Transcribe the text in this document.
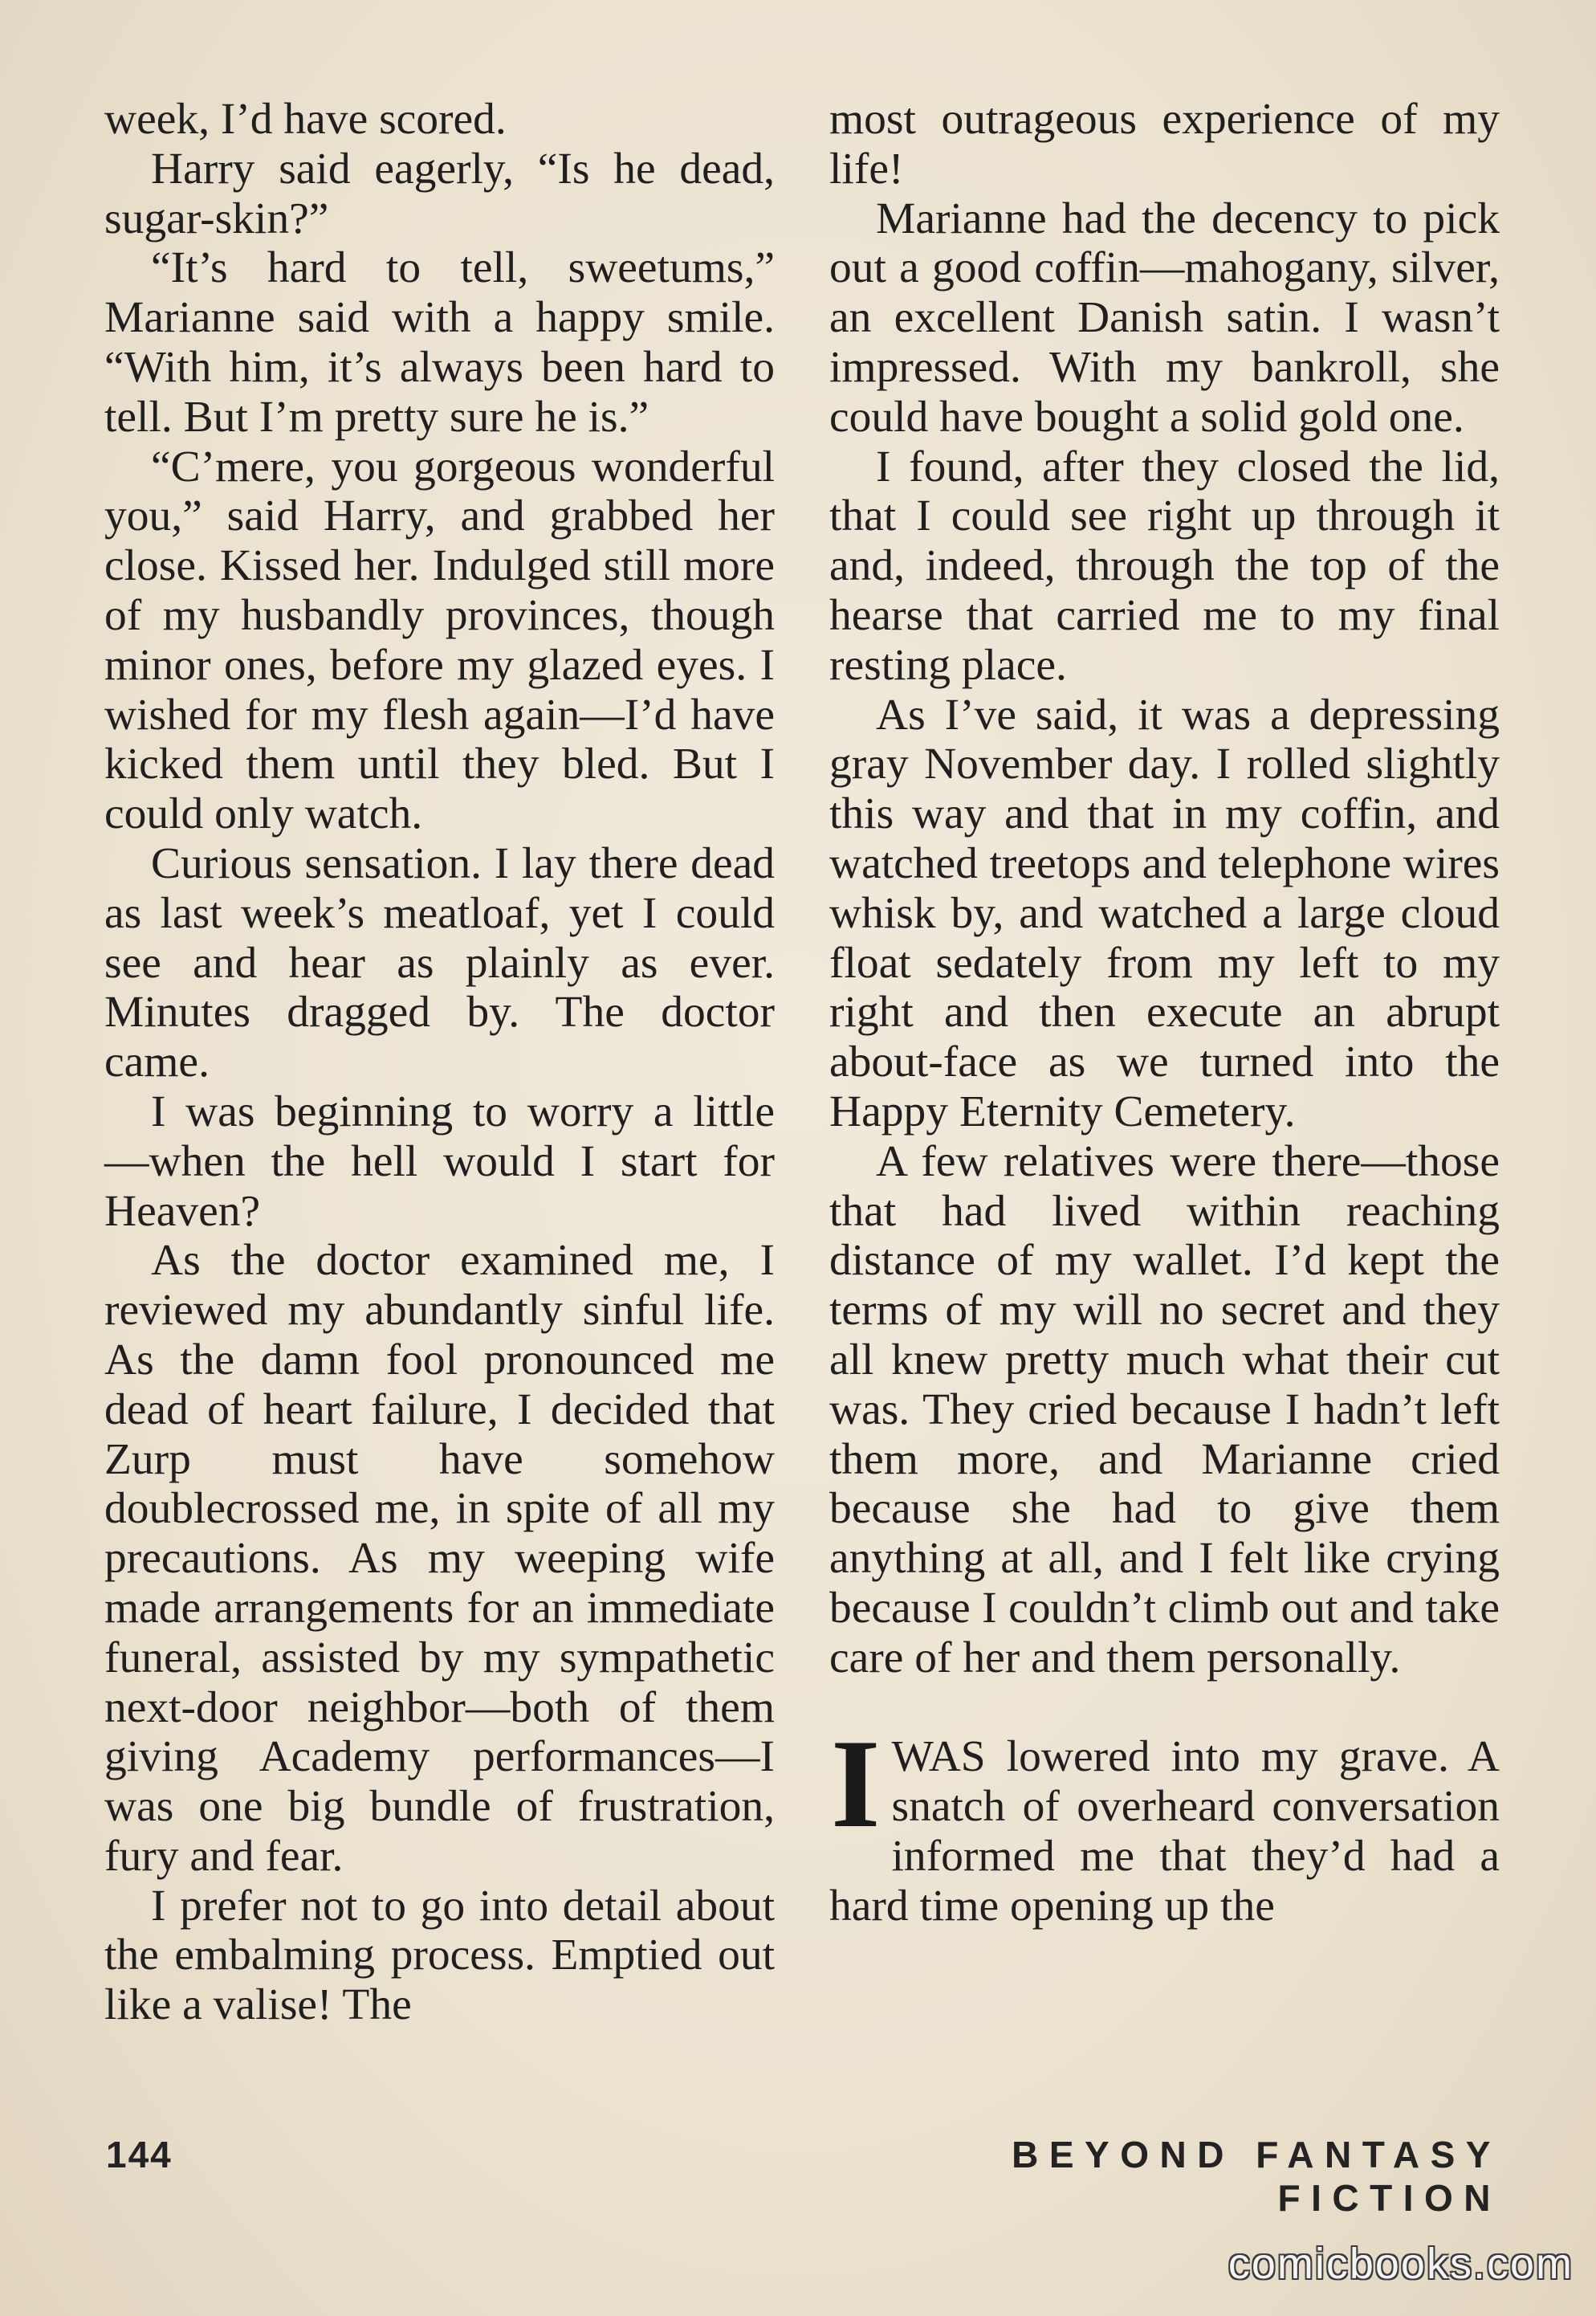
week, I’d have scored.

Harry said eagerly, “Is he dead, sugar-skin?”

“It’s hard to tell, sweetums,” Marianne said with a happy smile. “With him, it’s always been hard to tell. But I’m pretty sure he is.”

“C’mere, you gorgeous wonderful you,” said Harry, and grabbed her close. Kissed her. Indulged still more of my husbandly provinces, though minor ones, before my glazed eyes. I wished for my flesh again—I’d have kicked them until they bled. But I could only watch.

Curious sensation. I lay there dead as last week’s meatloaf, yet I could see and hear as plainly as ever. Minutes dragged by. The doctor came.

I was beginning to worry a little —when the hell would I start for Heaven?

As the doctor examined me, I reviewed my abundantly sinful life. As the damn fool pronounced me dead of heart failure, I decided that Zurp must have somehow doublecrossed me, in spite of all my precautions. As my weeping wife made arrangements for an immediate funeral, assisted by my sympathetic next-door neighbor—both of them giving Academy performances—I was one big bundle of frustration, fury and fear.

I prefer not to go into detail about the embalming process. Emptied out like a valise! The

most outrageous experience of my life!

Marianne had the decency to pick out a good coffin—mahogany, silver, an excellent Danish satin. I wasn’t impressed. With my bankroll, she could have bought a solid gold one.

I found, after they closed the lid, that I could see right up through it and, indeed, through the top of the hearse that carried me to my final resting place.

As I’ve said, it was a depressing gray November day. I rolled slightly this way and that in my coffin, and watched treetops and telephone wires whisk by, and watched a large cloud float sedately from my left to my right and then execute an abrupt about-face as we turned into the Happy Eternity Cemetery.

A few relatives were there—those that had lived within reaching distance of my wallet. I’d kept the terms of my will no secret and they all knew pretty much what their cut was. They cried because I hadn’t left them more, and Marianne cried because she had to give them anything at all, and I felt like crying because I couldn’t climb out and take care of her and them personally.

IWAS lowered into my grave. A snatch of overheard conversation informed me that they’d had a hard time opening up the

144	BEYOND FANTASY FICTION
comicbooks.com
